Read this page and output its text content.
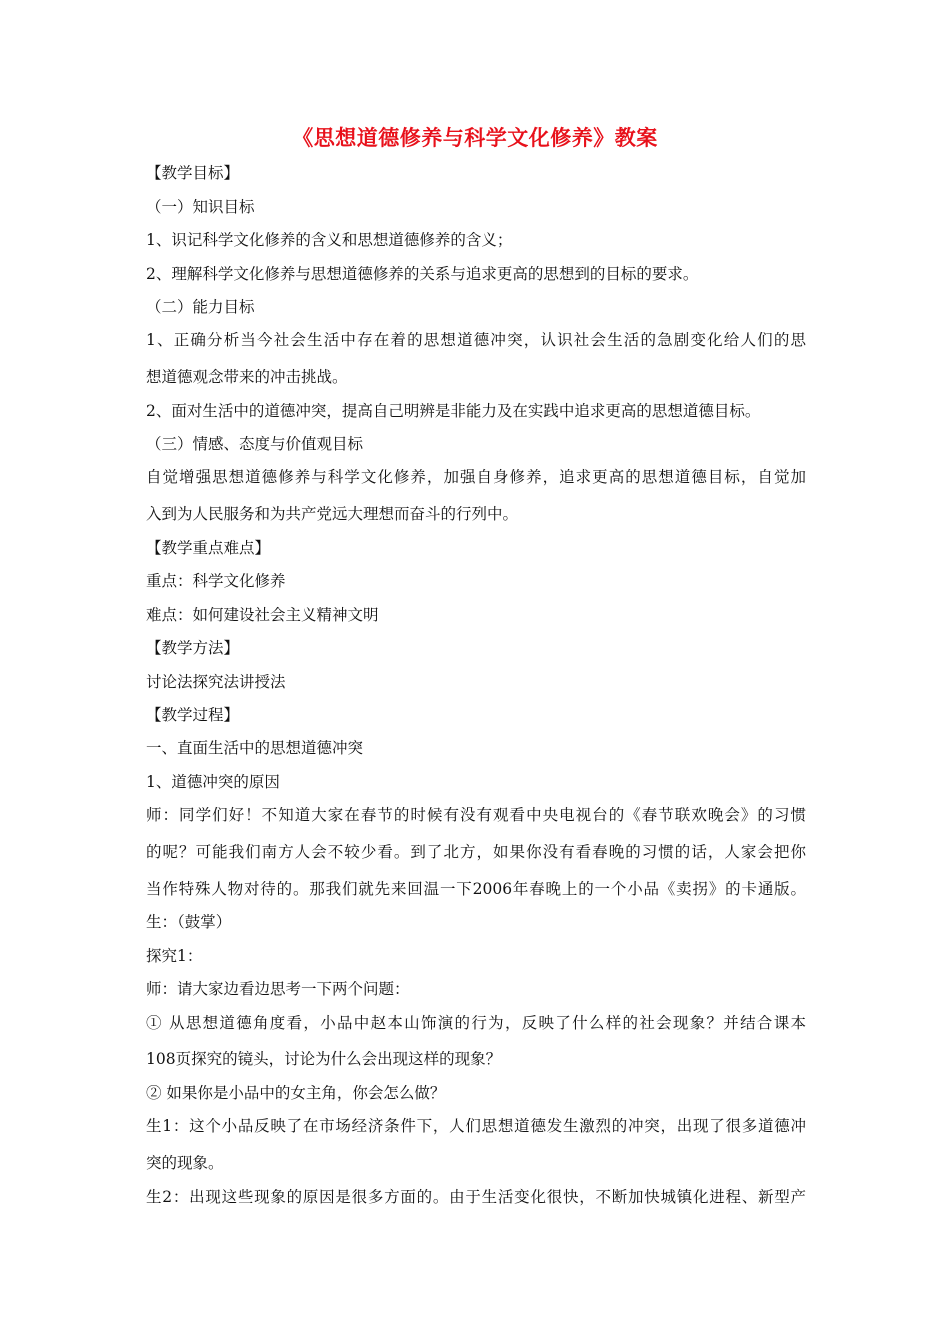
《思想道德修养与科学文化修养》教案
【教学目标】
（一）知识目标
1、识记科学文化修养的含义和思想道德修养的含义；
2、理解科学文化修养与思想道德修养的关系与追求更高的思想到的目标的要求。
（二）能力目标
1、正确分析当今社会生活中存在着的思想道德冲突，认识社会生活的急剧变化给人们的思
想道德观念带来的冲击挑战。
2、面对生活中的道德冲突，提高自己明辨是非能力及在实践中追求更高的思想道德目标。
（三）情感、态度与价值观目标
自觉增强思想道德修养与科学文化修养，加强自身修养，追求更高的思想道德目标，自觉加
入到为人民服务和为共产党远大理想而奋斗的行列中。
【教学重点难点】
重点：科学文化修养
难点：如何建设社会主义精神文明
【教学方法】
讨论法探究法讲授法
【教学过程】
一、直面生活中的思想道德冲突
1、道德冲突的原因
师：同学们好！不知道大家在春节的时候有没有观看中央电视台的《春节联欢晚会》的习惯
的呢？可能我们南方人会不较少看。到了北方，如果你没有看春晚的习惯的话，人家会把你
当作特殊人物对待的。那我们就先来回温一下2006年春晚上的一个小品《卖拐》的卡通版。
生：（鼓掌）
探究1：
师：请大家边看边思考一下两个问题：
① 从思想道德角度看，小品中赵本山饰演的行为，反映了什么样的社会现象？并结合课本
108页探究的镜头，讨论为什么会出现这样的现象？
② 如果你是小品中的女主角，你会怎么做？
生1：这个小品反映了在市场经济条件下，人们思想道德发生激烈的冲突，出现了很多道德冲
突的现象。
生2：出现这些现象的原因是很多方面的。由于生活变化很快，不断加快城镇化进程、新型产
